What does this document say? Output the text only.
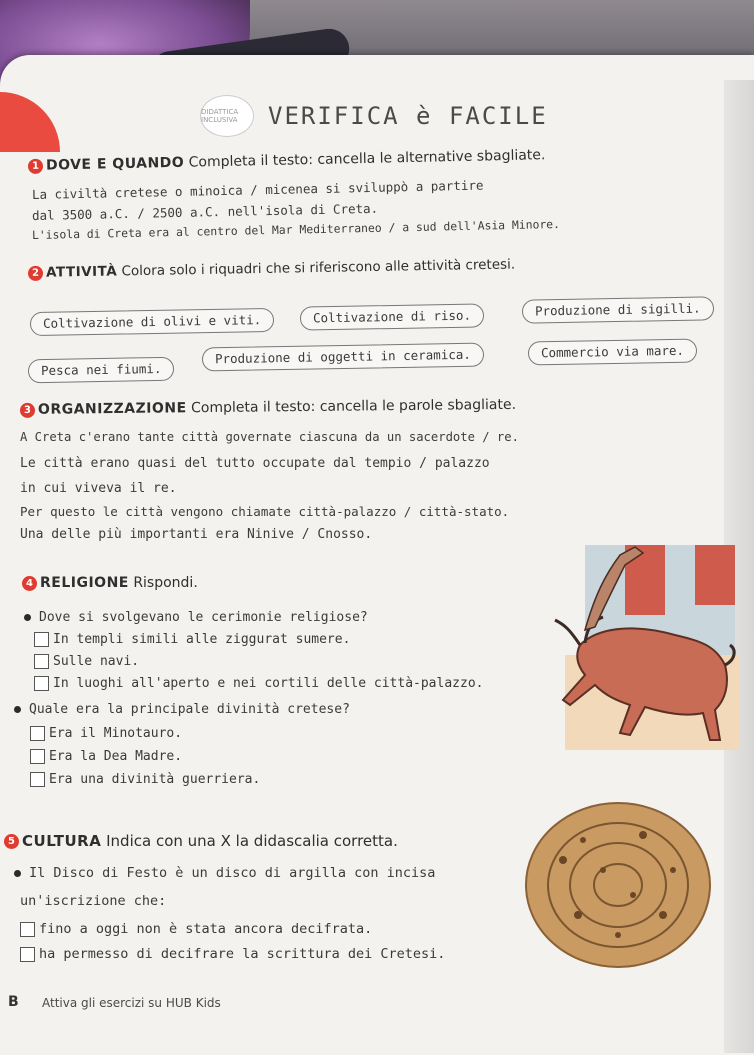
DIDATTICA INCLUSIVA	VERIFICA è FACILE
1 DOVE E QUANDO Completa il testo: cancella le alternative sbagliate.
La civiltà cretese o minoica / micenea si sviluppò a partire
dal 3500 a.C. / 2500 a.C. nell'isola di Creta.
L'isola di Creta era al centro del Mar Mediterraneo / a sud dell'Asia Minore.
2 ATTIVITÀ Colora solo i riquadri che si riferiscono alle attività cretesi.
Coltivazione di olivi e viti.	Coltivazione di riso.	Produzione di sigilli.
Pesca nei fiumi.
Produzione di oggetti in ceramica.	Commercio via mare.
3 ORGANIZZAZIONE Completa il testo: cancella le parole sbagliate.
A Creta c'erano tante città governate ciascuna da un sacerdote / re.
Le città erano quasi del tutto occupate dal tempio / palazzo
in cui viveva il re.
Per questo le città vengono chiamate città-palazzo / città-stato.
Una delle più importanti era Ninive / Cnosso.
4 RELIGIONE Rispondi.
Dove si svolgevano le cerimonie religiose?
In templi simili alle ziggurat sumere.
Sulle navi.
In luoghi all'aperto e nei cortili delle città-palazzo.
Quale era la principale divinità cretese?
Era il Minotauro.
Era la Dea Madre.
Era una divinità guerriera.
5 CULTURA Indica con una X la didascalia corretta.
Il Disco di Festo è un disco di argilla con incisa
un'iscrizione che:
fino a oggi non è stata ancora decifrata.
ha permesso di decifrare la scrittura dei Cretesi.
B Attiva gli esercizi su HUB Kids
